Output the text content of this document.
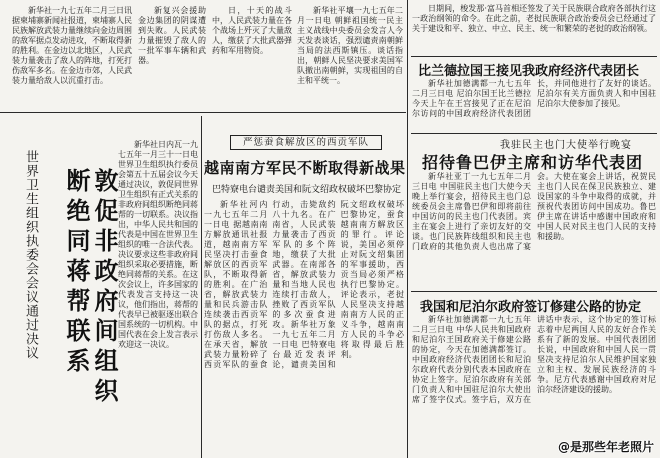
新华社一九七五年二月三日讯 据柬埔寨新闻社报道，柬埔寨人民民族解放武装力量继续向金边周围的敌军据点发动进攻，不断取得新的胜利。在金边以北地区，人民武装力量袭击了敌人的阵地，打死打伤敌军多名。在金边市郊，人民武装力量给敌人以沉重打击。
新复兴会援助金边集团的阴谋遭到失败。人民武装力量摧毁了敌人的一批军事车辆和武器。
日，十天的战斗中，人民武装力量在各个战场上歼灭了大量敌人，缴获了大批武器弹药和军用物资。
新华社平壤一九七五年二月一日电 朝鲜祖国统一民主主义战线中央委员会发言人今天发表谈话，强烈谴责南朝鲜当局的法西斯镇压。谈话指出，朝鲜人民坚决要求美国军队撤出南朝鲜，实现祖国的自主和平统一。
日期间，梭发那·富马首相还签发了关于民族联合政府各部执行这一政治纲领的命令。在此之前，老挝民族联合政治委员会已经通过了关于建设和平、独立、中立、民主、统一和繁荣的老挝的政治纲领。
比兰德拉国王接见我政府经济代表团长
新华社加德满都一九七五年二月三日电 尼泊尔国王比兰德拉今天上午在王宫接见了正在尼泊尔访问的中国政府经济代表团团长，并同他进行了友好的谈话。尼泊尔有关方面负责人和中国驻尼泊尔大使参加了接见。
我驻民主也门大使举行晚宴
招待鲁巴伊主席和访华代表团
新华社亚丁一九七五年二月三日电 中国驻民主也门大使今天晚上举行宴会，招待民主也门总统委员会主席鲁巴伊和即将前往中国访问的民主也门代表团。宾主在宴会上进行了亲切友好的交谈。也门民族阵线组织和民主也门政府的其他负责人也出席了宴会。大使在宴会上讲话，祝贺民主也门人民在保卫民族独立、建设国家的斗争中取得的成就，并预祝代表团访问中国成功。鲁巴伊主席在讲话中感谢中国政府和中国人民对民主也门人民的支持和援助。
我国和尼泊尔政府签订修建公路的协定
新华社加德满都一九七五年二月三日电 中华人民共和国政府和尼泊尔王国政府关于修建公路的协定，今天在加德满都签订。中国政府经济代表团团长和尼泊尔政府代表分别代表本国政府在协定上签字。尼泊尔政府有关部门负责人和中国驻尼泊尔大使出席了签字仪式。签字后，双方在讲话中表示，这个协定的签订标志着中尼两国人民的友好合作关系有了新的发展。中国代表团团长说，中国政府和中国人民一贯坚决支持尼泊尔人民维护国家独立和主权、发展民族经济的斗争。尼方代表感谢中国政府对尼泊尔经济建设的援助。
严惩蚕食解放区的西贡军队
越南南方军民不断取得新战果
巴特寮电台谴责美国和阮文绍政权破坏巴黎协定
新华社河内一九七五年二月一日电 据越南南方解放通讯社报道，越南南方军民坚决打击蚕食解放区的西贡军队，不断取得新的胜利。在广治省，解放武装力量和民兵游击队连续袭击西贡军队的据点，打死打伤敌人多名。在承天省，解放武装力量粉碎了西贡军队的蚕食行动，击毙敌约八十九名。在广南省，人民武装力量袭击了西贡军队的多个阵地，缴获了大批武器。在南部各省，解放武装力量和当地人民也连续打击敌人，挫败了西贡军队的多次蚕食进攻。新华社万象一九七五年二月一日电 巴特寮电台最近发表评论，谴责美国和阮文绍政权破坏巴黎协定，蚕食越南南方解放区的罪行。评论说，美国必须停止对阮文绍集团的军事援助，西贡当局必须严格执行巴黎协定。评论表示，老挝人民坚决支持越南南方人民的正义斗争，越南南方人民的斗争必将取得最后胜利。
世界卫生组织执委会会议通过决议	敦促非政府间组织断绝同蒋帮联系
新华社日内瓦一九七五年一月三十一日电 世界卫生组织执行委员会第五十五届会议今天通过决议，敦促同世界卫生组织有正式关系的非政府间组织断绝同蒋帮的一切联系。决议指出，中华人民共和国的代表是中国在世界卫生组织的唯一合法代表。决议要求这些非政府间组织采取必要措施，断绝同蒋帮的关系。在这次会议上，许多国家的代表发言支持这一决议，他们指出，蒋帮的代表早已被驱逐出联合国系统的一切机构。中国代表在会上发言表示欢迎这一决议。
@是那些年老照片
